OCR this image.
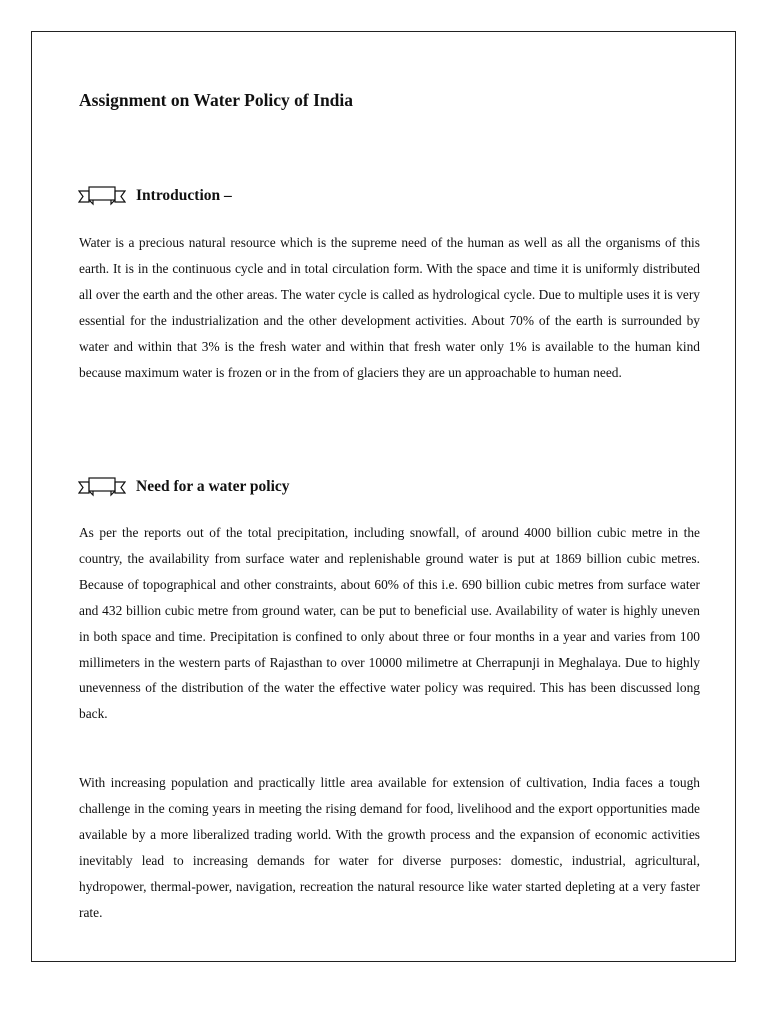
Assignment on Water Policy of India
Introduction –

Water is a precious natural resource which is the supreme need of the human as well as all the organisms of this earth. It is in the continuous cycle and in total circulation form. With the space and time it is uniformly distributed all over the earth and the other areas. The water cycle is called as hydrological cycle. Due to multiple uses it is very essential for the industrialization and the other development activities. About 70% of the earth is surrounded by water and within that 3% is the fresh water and within that fresh water only 1% is available to the human kind because maximum water is frozen or in the from of glaciers they are un approachable to human need.

Need for a water policy

As per the reports out of the total precipitation, including snowfall, of around 4000 billion cubic metre in the country, the availability from surface water and replenishable ground water is put at 1869 billion cubic metres. Because of topographical and other constraints, about 60% of this i.e. 690 billion cubic metres from surface water and 432 billion cubic metre from ground water, can be put to beneficial use. Availability of water is highly uneven in both space and time. Precipitation is confined to only about three or four months in a year and varies from 100 millimeters in the western parts of Rajasthan to over 10000 milimetre at Cherrapunji in Meghalaya. Due to highly unevenness of the distribution of the water the effective water policy was required. This has been discussed long back.

With increasing population and practically little area available for extension of cultivation, India faces a tough challenge in the coming years in meeting the rising demand for food, livelihood and the export opportunities made available by a more liberalized trading world. With the growth process and the expansion of economic activities inevitably lead to increasing demands for water for diverse purposes: domestic, industrial, agricultural, hydropower, thermal-power, navigation, recreation the natural resource like water started depleting at a very faster rate.
